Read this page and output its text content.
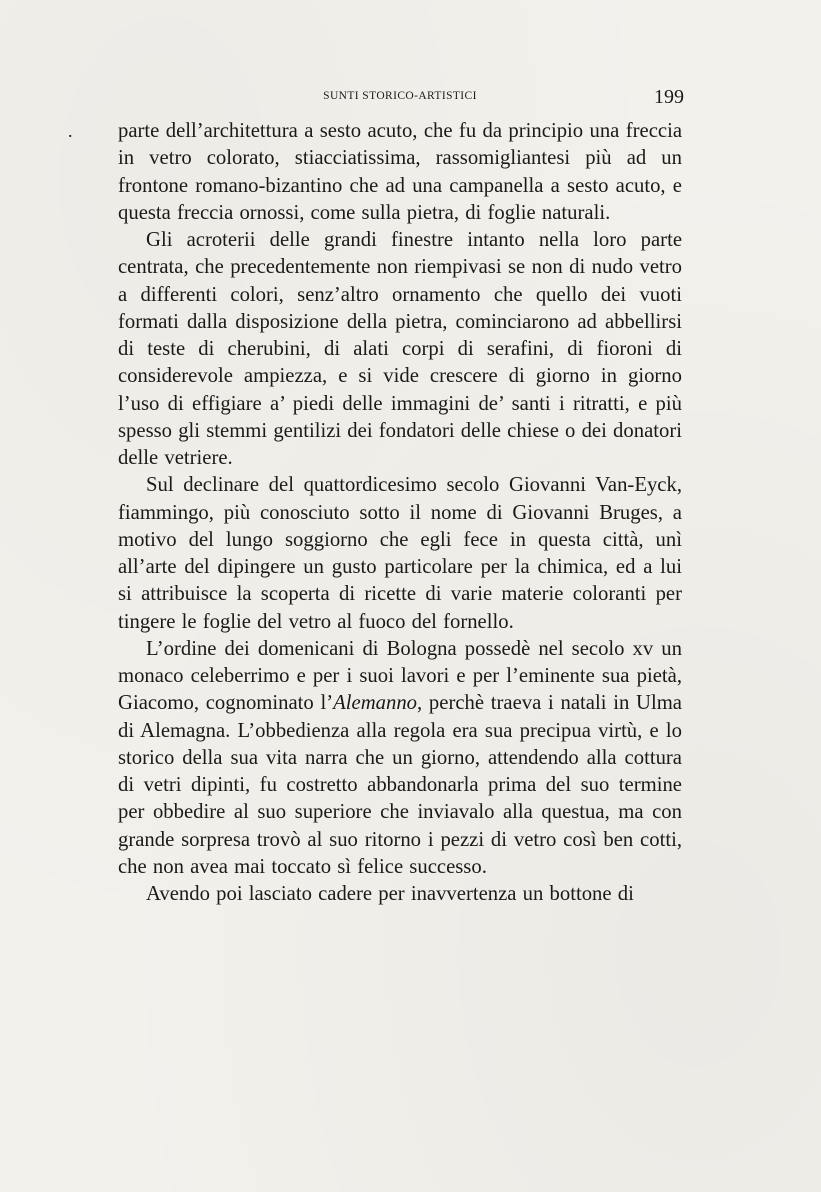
.
SUNTI STORICO-ARTISTICI	199

parte dell’architettura a sesto acuto, che fu da principio una freccia in vetro colorato, stiacciatissima, rassomigliantesi più ad un frontone romano-bizantino che ad una campanella a sesto acuto, e questa freccia ornossi, come sulla pietra, di foglie naturali.

Gli acroterii delle grandi finestre intanto nella loro parte centrata, che precedentemente non riempivasi se non di nudo vetro a differenti colori, senz’altro ornamento che quello dei vuoti formati dalla disposizione della pietra, cominciarono ad abbellirsi di teste di cherubini, di alati corpi di serafini, di fioroni di considerevole ampiezza, e si vide crescere di giorno in giorno l’uso di effigiare a’ piedi delle immagini de’ santi i ritratti, e più spesso gli stemmi gentilizi dei fondatori delle chiese o dei donatori delle vetriere.

Sul declinare del quattordicesimo secolo Giovanni Van-Eyck, fiammingo, più conosciuto sotto il nome di Giovanni Bruges, a motivo del lungo soggiorno che egli fece in questa città, unì all’arte del dipingere un gusto particolare per la chimica, ed a lui si attribuisce la scoperta di ricette di varie materie coloranti per tingere le foglie del vetro al fuoco del fornello.

L’ordine dei domenicani di Bologna possedè nel secolo xv un monaco celeberrimo e per i suoi lavori e per l’eminente sua pietà, Giacomo, cognominato l’Alemanno, perchè traeva i natali in Ulma di Alemagna. L’obbedienza alla regola era sua precipua virtù, e lo storico della sua vita narra che un giorno, attendendo alla cottura di vetri dipinti, fu costretto abbandonarla prima del suo termine per obbedire al suo superiore che inviavalo alla questua, ma con grande sorpresa trovò al suo ritorno i pezzi di vetro così ben cotti, che non avea mai toccato sì felice successo.

Avendo poi lasciato cadere per inavvertenza un bottone di
